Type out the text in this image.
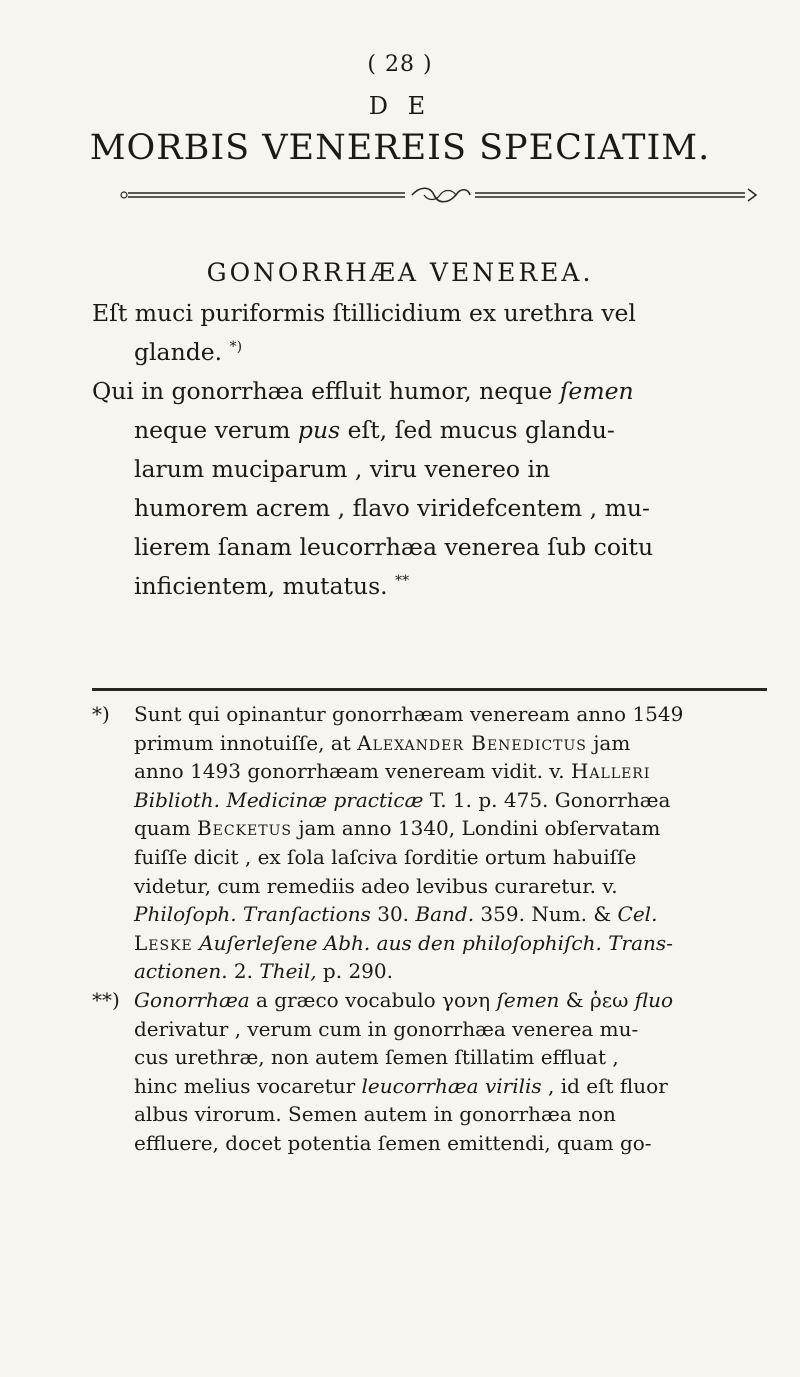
( 28 )
D E
MORBIS VENEREIS SPECIATIM.
GONORRHÆA VENEREA.
Eſt muci puriformis ſtillicidium ex urethra vel
glande. *)
Qui in gonorrhæa effluit humor, neque ſemen
neque verum pus eſt, ſed mucus glandu-
larum muciparum , viru venereo in
humorem acrem , flavo viridefcentem , mu-
lierem ſanam leucorrhæa venerea ſub coitu
inficientem, mutatus. **
*) Sunt qui opinantur gonorrhæam veneream anno 1549
primum innotuiſſe, at Alexander Benedictus jam
anno 1493 gonorrhæam veneream vidit. v. Halleri
Biblioth. Medicinæ practicæ T. 1. p. 475. Gonorrhæa
quam Becketus jam anno 1340, Londini obſervatam
fuiſſe dicit , ex ſola laſciva ſorditie ortum habuiſſe
videtur, cum remediis adeo levibus curaretur. v.
Philoſoph. Tranſactions 30. Band. 359. Num. & Cel.
Leske Auſerleſene Abh. aus den philoſophiſch. Trans-
actionen. 2. Theil, p. 290.
**) Gonorrhæa a græco vocabulo γονη ſemen & ῥεω fluo
derivatur , verum cum in gonorrhæa venerea mu-
cus urethræ, non autem ſemen ſtillatim effluat ,
hinc melius vocaretur leucorrhæa virilis , id eſt fluor
albus virorum. Semen autem in gonorrhæa non
effluere, docet potentia ſemen emittendi, quam go-
